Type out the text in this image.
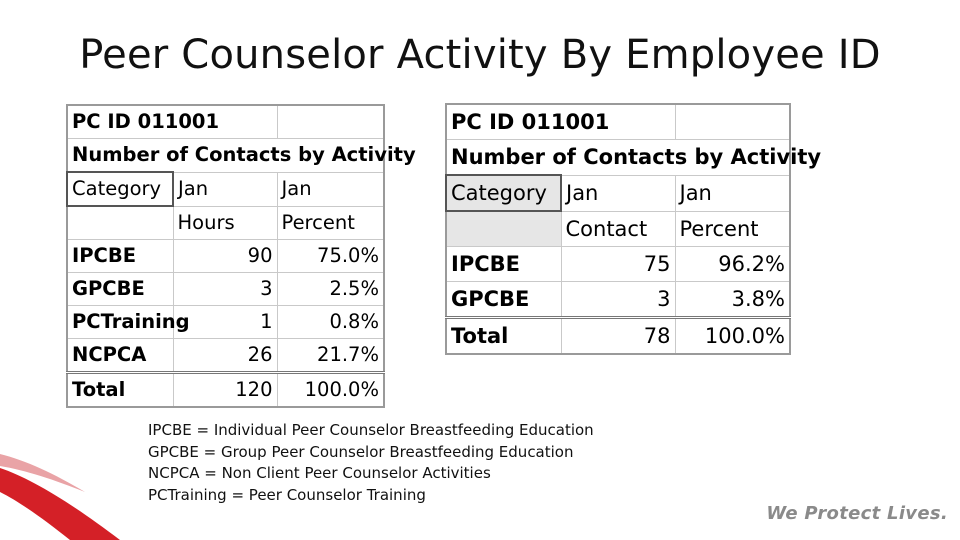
Peer Counselor Activity By Employee ID
PC ID 011001		
Number of Contacts by Activity		
Category	Jan	Jan
	Hours	Percent
IPCBE	90	75.0%
GPCBE	3	2.5%
PCTraining	1	0.8%
NCPCA	26	21.7%
Total	120	100.0%
PC ID 011001		
Number of Contacts by Activity		
Category	Jan	Jan
	Contact	Percent
IPCBE	75	96.2%
GPCBE	3	3.8%
Total	78	100.0%
IPCBE = Individual Peer Counselor Breastfeeding Education
GPCBE = Group Peer Counselor Breastfeeding Education
NCPCA = Non Client Peer Counselor Activities
PCTraining = Peer Counselor Training
We Protect Lives.
